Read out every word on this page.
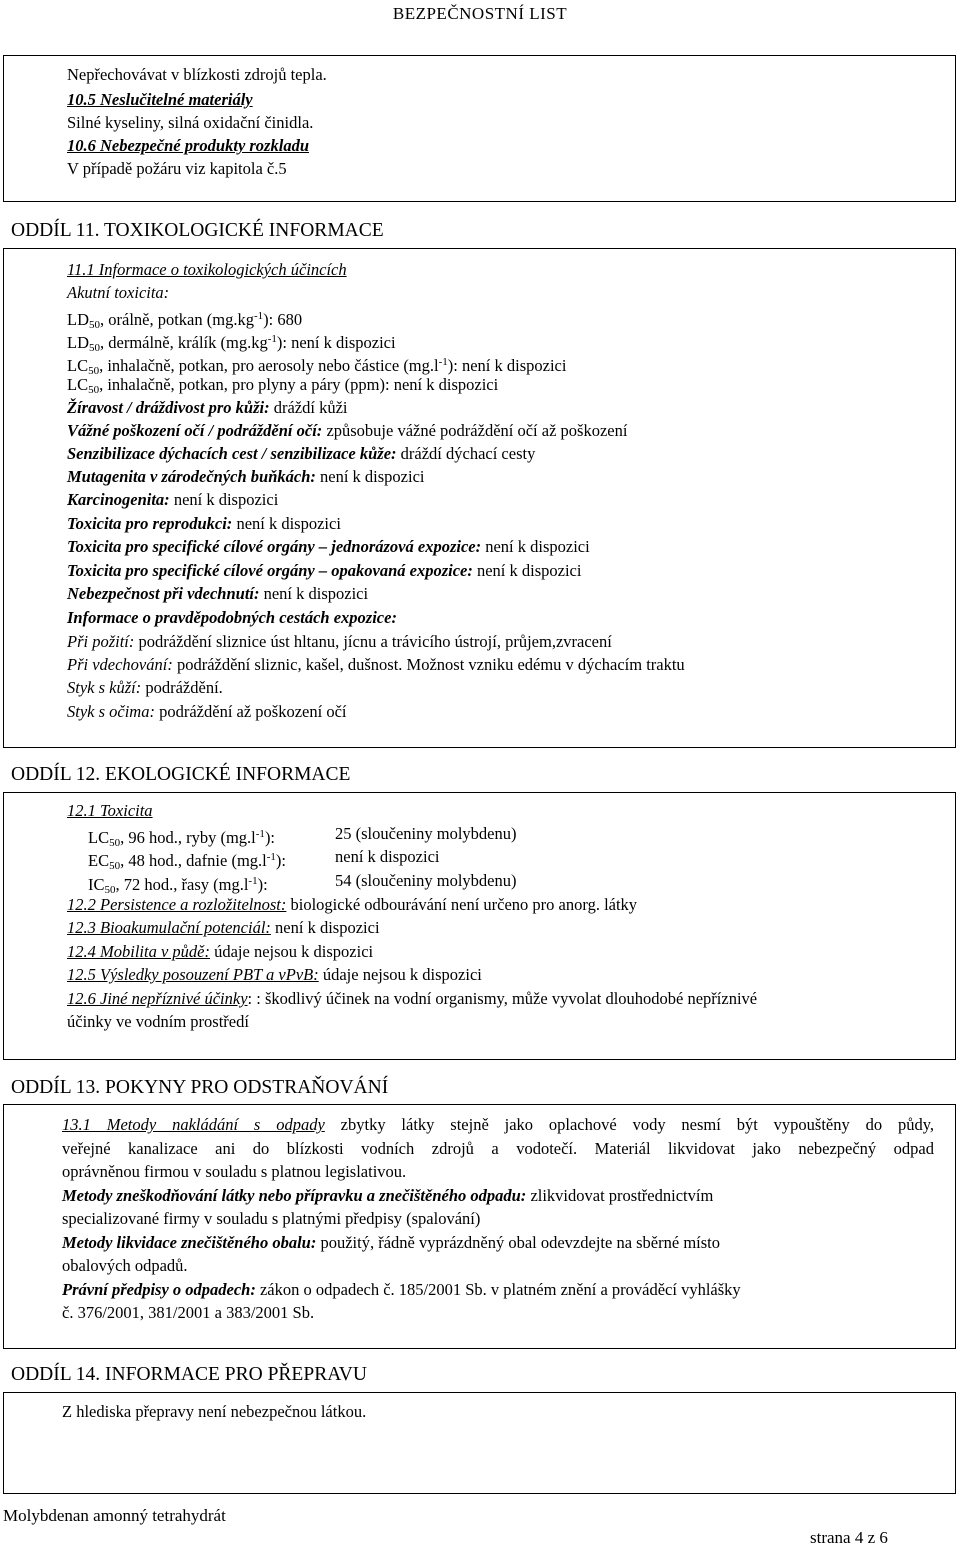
BEZPEČNOSTNÍ LIST
Nepřechovávat v blízkosti zdrojů tepla.
10.5 Neslučitelné materiály
Silné kyseliny, silná oxidační činidla.
10.6 Nebezpečné produkty rozkladu
V případě požáru viz kapitola č.5
ODDÍL 11. TOXIKOLOGICKÉ INFORMACE
11.1 Informace o toxikologických účincích
Akutní toxicita:
$LD_{50}$, orálně, potkan $(mg.kg^{-1})$: 680
$LD_{50}$, dermálně, králík $(mg.kg^{-1})$: není k dispozici
$LC_{50}$, inhalačně, potkan, pro aerosoly nebo částice $(mg.l^{-1})$: není k dispozici
$LC_{50}$, inhalačně, potkan, pro plyny a páry (ppm): není k dispozici
Žíravost / dráždivost pro kůži: dráždí kůži
Vážné poškození očí / podráždění očí: způsobuje vážné podráždění očí až poškození
Senzibilizace dýchacích cest / senzibilizace kůže: dráždí dýchací cesty
Mutagenita v zárodečných buňkách: není k dispozici
Karcinogenita: není k dispozici
Toxicita pro reprodukci: není k dispozici
Toxicita pro specifické cílové orgány – jednorázová expozice: není k dispozici
Toxicita pro specifické cílové orgány – opakovaná expozice: není k dispozici
Nebezpečnost při vdechnutí: není k dispozici
Informace o pravděpodobných cestách expozice:
Při požití: podráždění sliznice úst hltanu, jícnu a trávicího ústrojí, průjem,zvracení
Při vdechování: podráždění sliznic, kašel, dušnost. Možnost vzniku edému v dýchacím traktu
Styk s kůží: podráždění.
Styk s očima: podráždění až poškození očí
ODDÍL 12. EKOLOGICKÉ INFORMACE
12.1 Toxicita
$LC_{50}$, 96 hod., ryby $(mg.l^{-1})$:	25 (sloučeniny molybdenu)
$EC_{50}$, 48 hod., dafnie $(mg.l^{-1})$:	není k dispozici
$IC_{50}$, 72 hod., řasy $(mg.l^{-1})$:	54 (sloučeniny molybdenu)
12.2 Persistence a rozložitelnost: biologické odbourávání není určeno pro anorg. látky
12.3 Bioakumulační potenciál: není k dispozici
12.4 Mobilita v půdě: údaje nejsou k dispozici
12.5 Výsledky posouzení PBT a vPvB: údaje nejsou k dispozici
12.6 Jiné nepříznivé účinky: : škodlivý účinek na vodní organismy, může vyvolat dlouhodobé nepříznivé
účinky ve vodním prostředí
ODDÍL 13. POKYNY PRO ODSTRAŇOVÁNÍ
13.1 Metody nakládání s odpady zbytky látky stejně jako oplachové vody nesmí být vypouštěny do půdy,
veřejné kanalizace ani do blízkosti vodních zdrojů a vodotečí. Materiál likvidovat jako nebezpečný odpad
oprávněnou firmou v souladu s platnou legislativou.
Metody zneškodňování látky nebo přípravku a znečištěného odpadu: zlikvidovat prostřednictvím
specializované firmy v souladu s platnými předpisy (spalování)
Metody likvidace znečištěného obalu: použitý, řádně vyprázdněný obal odevzdejte na sběrné místo
obalových odpadů.
Právní předpisy o odpadech: zákon o odpadech č. 185/2001 Sb. v platném znění a prováděcí vyhlášky
č. 376/2001, 381/2001 a 383/2001 Sb.
ODDÍL 14. INFORMACE PRO PŘEPRAVU
Z hlediska přepravy není nebezpečnou látkou.
Molybdenan amonný tetrahydrát
strana 4 z 6
